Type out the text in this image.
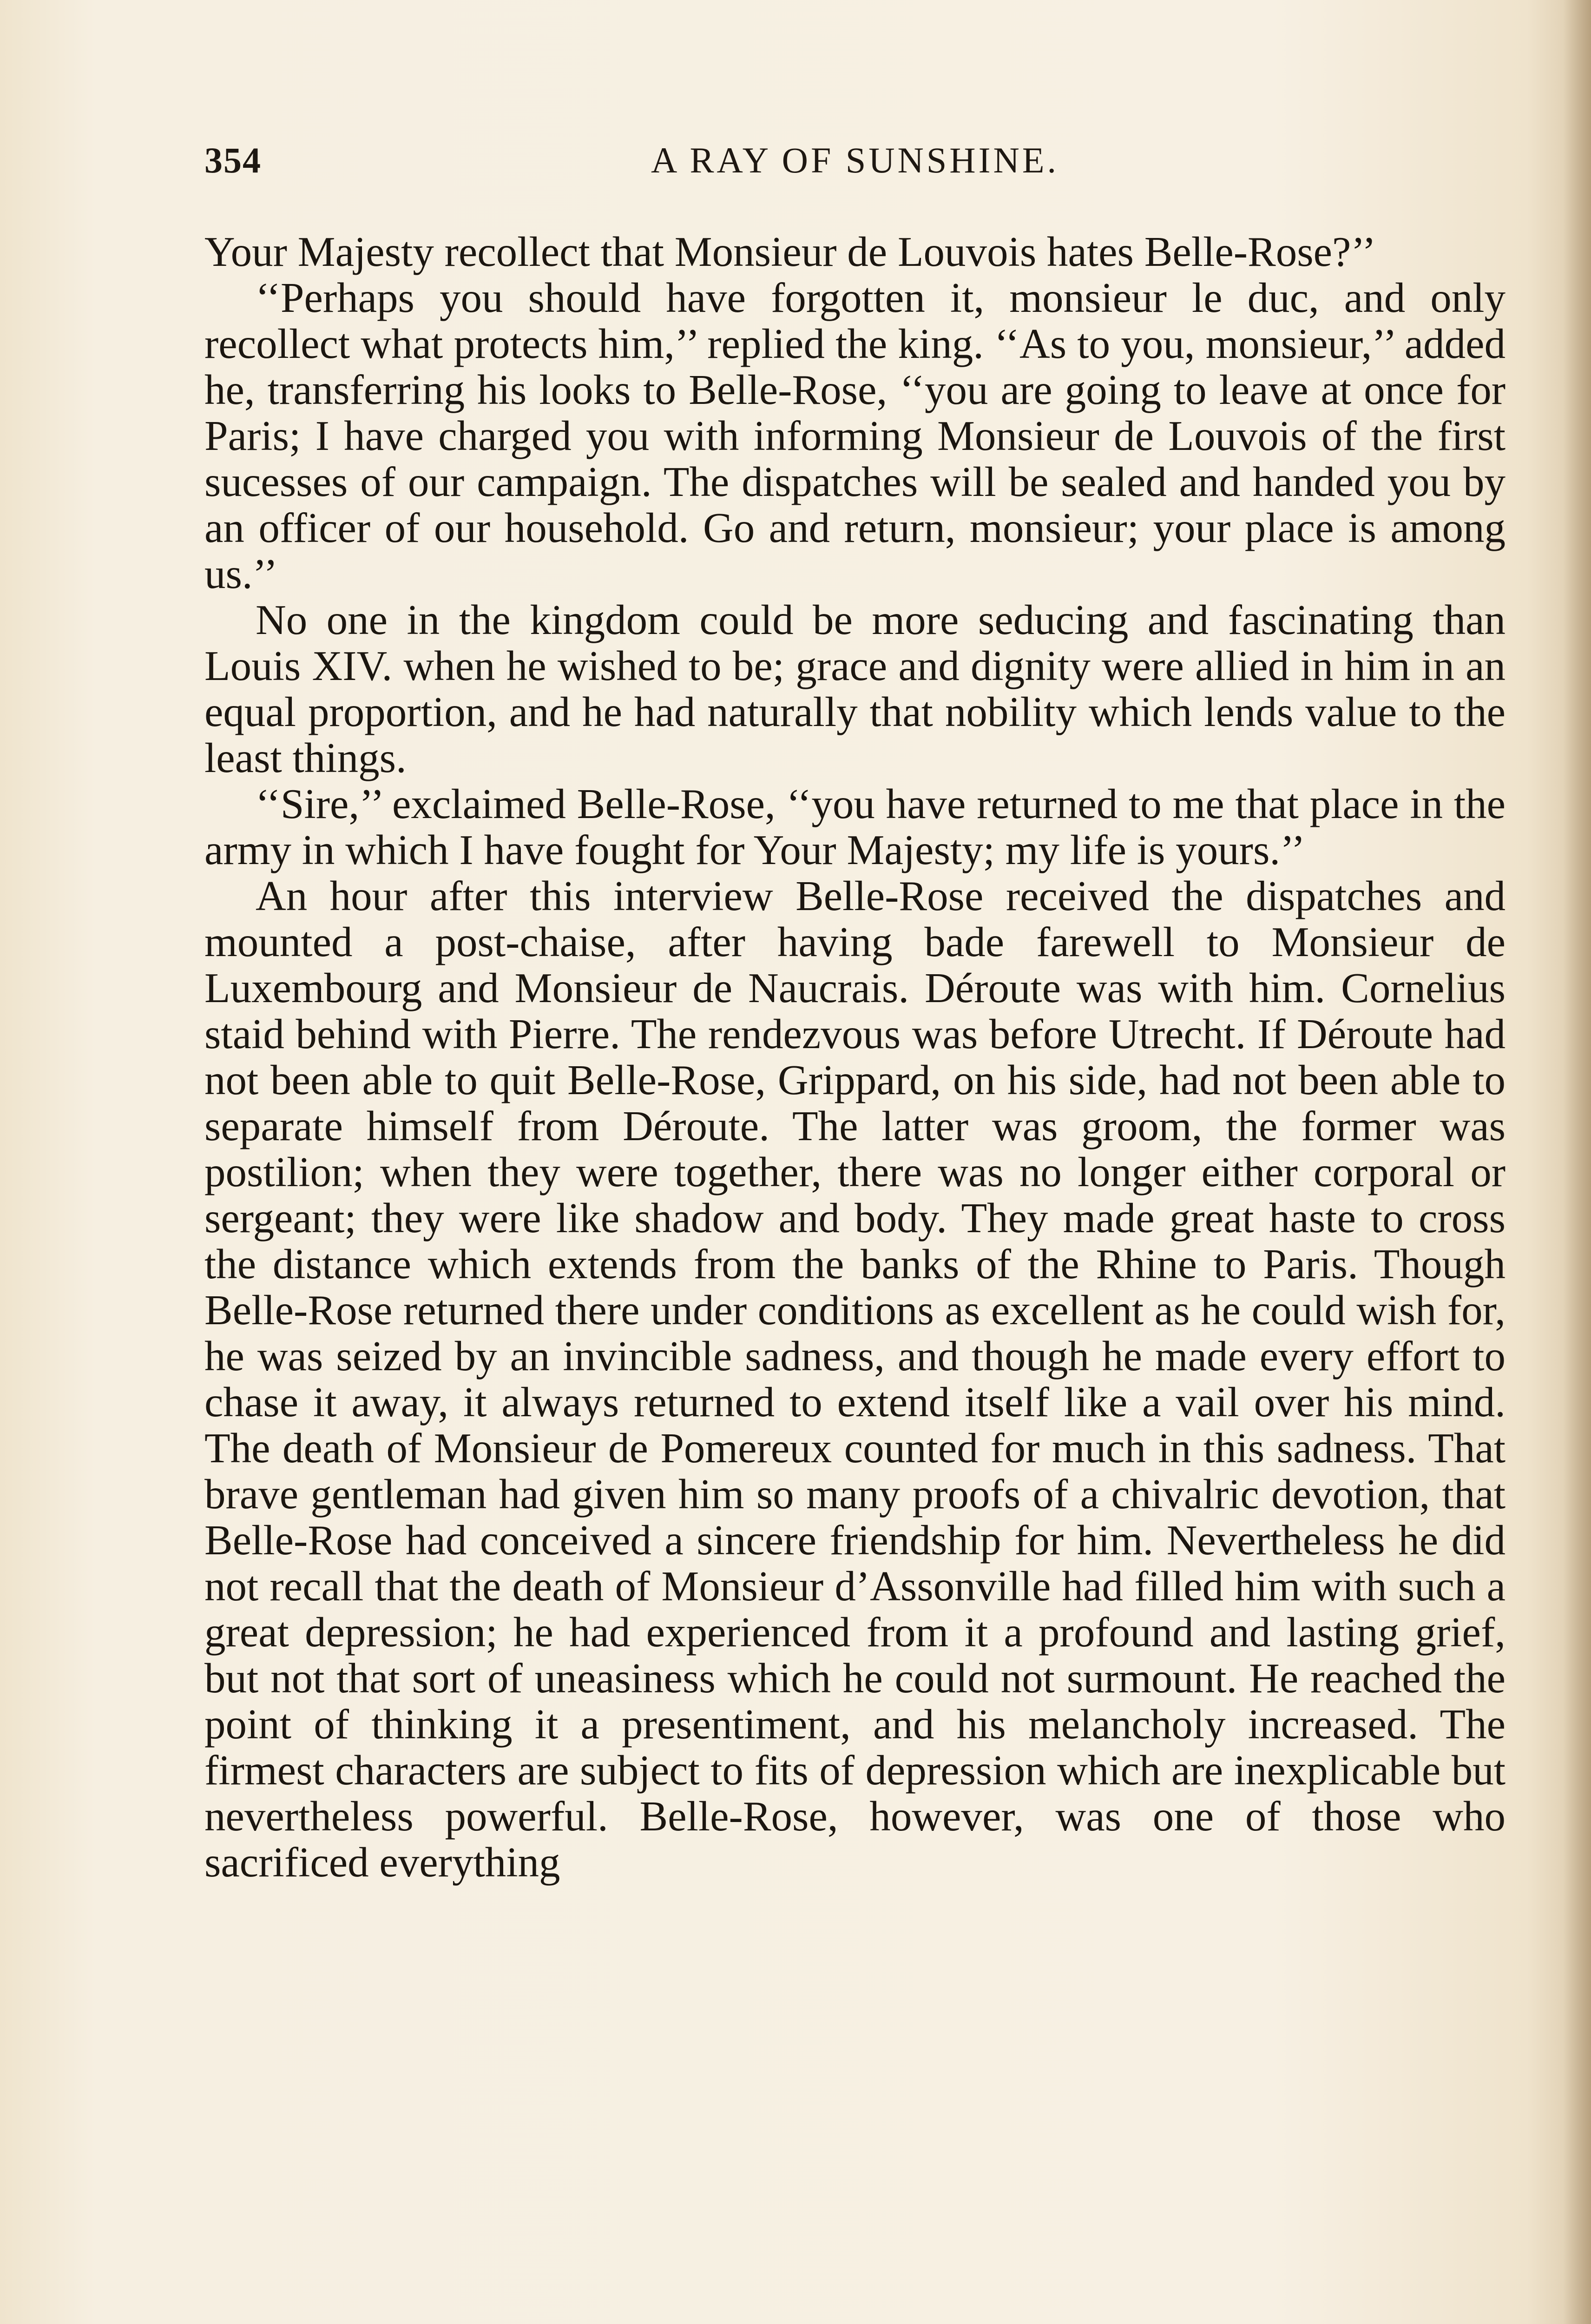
354	A RAY OF SUNSHINE.

Your Majesty recollect that Monsieur de Louvois hates Belle-Rose?’’

‘‘Perhaps you should have forgotten it, monsieur le duc, and only recollect what protects him,’’ replied the king. ‘‘As to you, monsieur,’’ added he, transferring his looks to Belle-Rose, ‘‘you are going to leave at once for Paris; I have charged you with informing Monsieur de Louvois of the first sucesses of our campaign. The dispatches will be sealed and handed you by an officer of our household. Go and return, monsieur; your place is among us.’’

No one in the kingdom could be more seducing and fascinating than Louis XIV. when he wished to be; grace and dignity were allied in him in an equal proportion, and he had naturally that nobility which lends value to the least things.

‘‘Sire,’’ exclaimed Belle-Rose, ‘‘you have returned to me that place in the army in which I have fought for Your Majesty; my life is yours.’’

An hour after this interview Belle-Rose received the dispatches and mounted a post-chaise, after having bade farewell to Monsieur de Luxembourg and Monsieur de Naucrais. Déroute was with him. Cornelius staid behind with Pierre. The rendezvous was before Utrecht. If Déroute had not been able to quit Belle-Rose, Grippard, on his side, had not been able to separate himself from Déroute. The latter was groom, the former was postilion; when they were together, there was no longer either corporal or sergeant; they were like shadow and body. They made great haste to cross the distance which extends from the banks of the Rhine to Paris. Though Belle-Rose returned there under conditions as excellent as he could wish for, he was seized by an invincible sadness, and though he made every effort to chase it away, it always returned to extend itself like a vail over his mind. The death of Monsieur de Pomereux counted for much in this sadness. That brave gentleman had given him so many proofs of a chivalric devotion, that Belle-Rose had conceived a sincere friendship for him. Nevertheless he did not recall that the death of Monsieur d’Assonville had filled him with such a great depression; he had experienced from it a profound and lasting grief, but not that sort of uneasiness which he could not surmount. He reached the point of thinking it a presentiment, and his melancholy increased. The firmest characters are subject to fits of depression which are inexplicable but nevertheless powerful. Belle-Rose, however, was one of those who sacrificed everything
